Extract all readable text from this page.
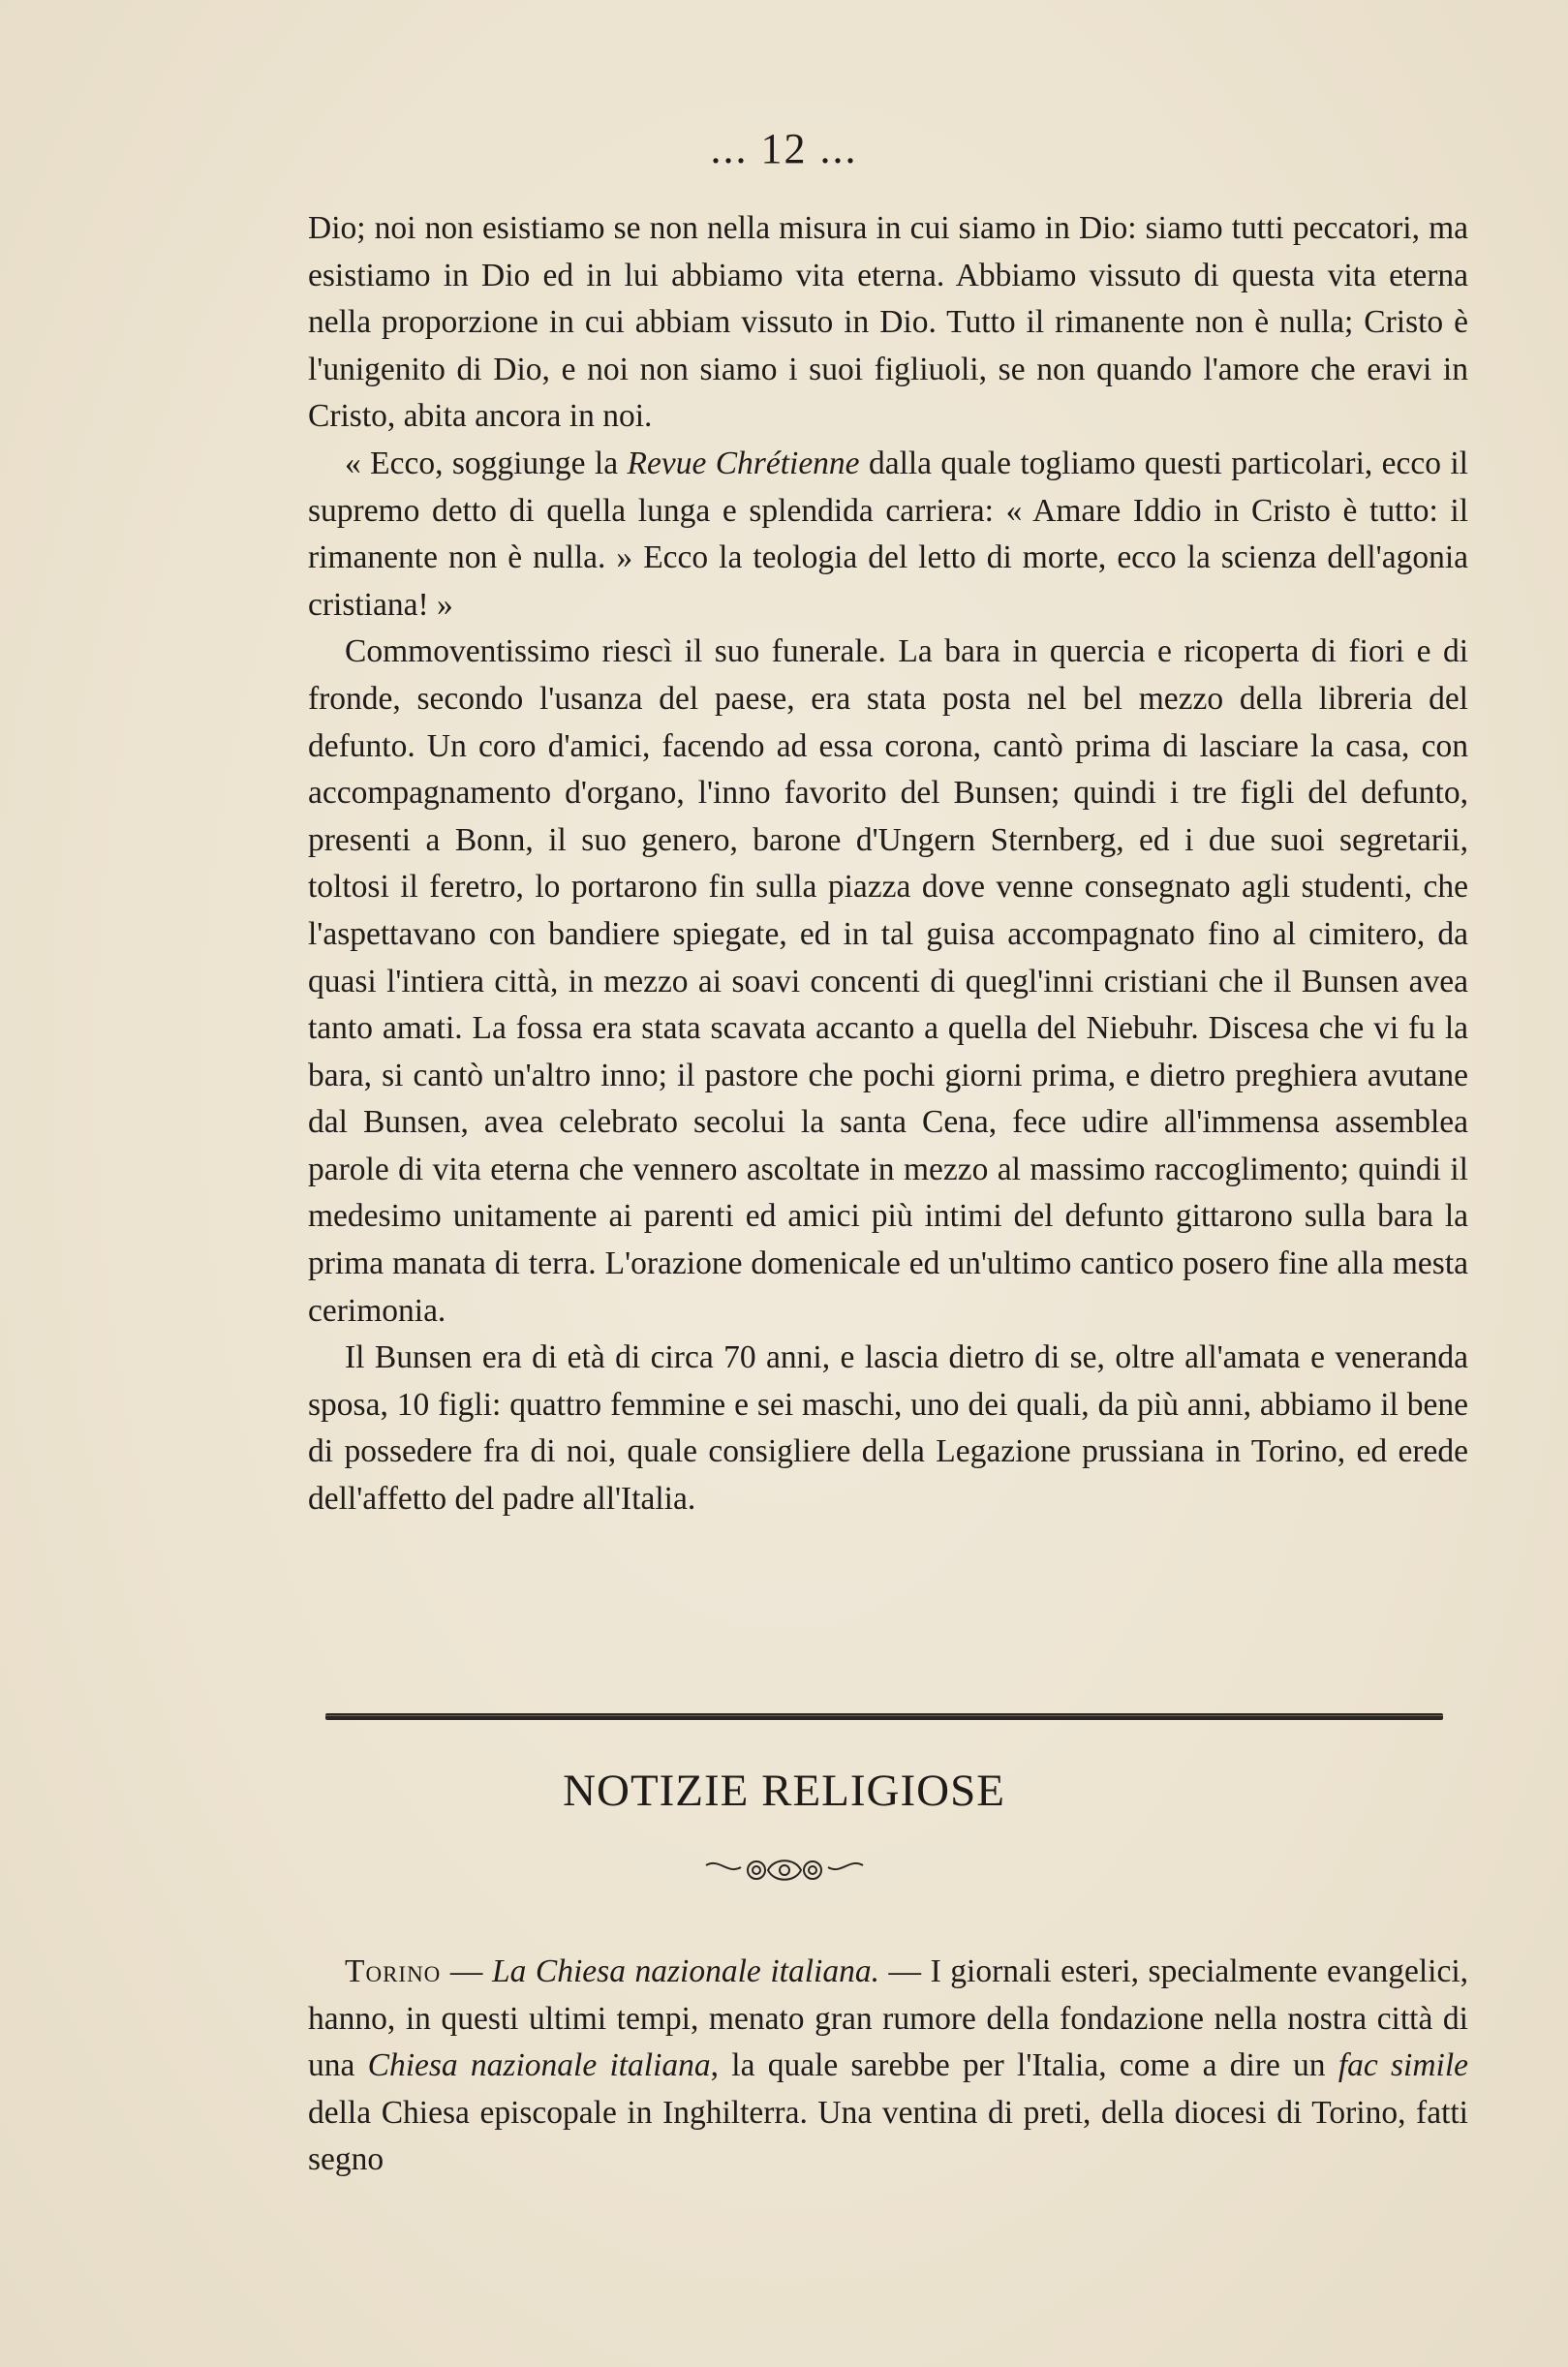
... 12 ...

Dio; noi non esistiamo se non nella misura in cui siamo in Dio: siamo tutti peccatori, ma esistiamo in Dio ed in lui abbiamo vita eterna. Abbiamo vissuto di questa vita eterna nella proporzione in cui abbiam vissuto in Dio. Tutto il rimanente non è nulla; Cristo è l'unigenito di Dio, e noi non siamo i suoi figliuoli, se non quando l'amore che eravi in Cristo, abita ancora in noi.

« Ecco, soggiunge la Revue Chrétienne dalla quale togliamo questi particolari, ecco il supremo detto di quella lunga e splendida carriera: « Amare Iddio in Cristo è tutto: il rimanente non è nulla. » Ecco la teologia del letto di morte, ecco la scienza dell'agonia cristiana! »

Commoventissimo riescì il suo funerale. La bara in quercia e ricoperta di fiori e di fronde, secondo l'usanza del paese, era stata posta nel bel mezzo della libreria del defunto. Un coro d'amici, facendo ad essa corona, cantò prima di lasciare la casa, con accompagnamento d'organo, l'inno favorito del Bunsen; quindi i tre figli del defunto, presenti a Bonn, il suo genero, barone d'Ungern Sternberg, ed i due suoi segretarii, toltosi il feretro, lo portarono fin sulla piazza dove venne consegnato agli studenti, che l'aspettavano con bandiere spiegate, ed in tal guisa accompagnato fino al cimitero, da quasi l'intiera città, in mezzo ai soavi concenti di quegl'inni cristiani che il Bunsen avea tanto amati. La fossa era stata scavata accanto a quella del Niebuhr. Discesa che vi fu la bara, si cantò un'altro inno; il pastore che pochi giorni prima, e dietro preghiera avutane dal Bunsen, avea celebrato secolui la santa Cena, fece udire all'immensa assemblea parole di vita eterna che vennero ascoltate in mezzo al massimo raccoglimento; quindi il medesimo unitamente ai parenti ed amici più intimi del defunto gittarono sulla bara la prima manata di terra. L'orazione domenicale ed un'ultimo cantico posero fine alla mesta cerimonia.

Il Bunsen era di età di circa 70 anni, e lascia dietro di se, oltre all'amata e veneranda sposa, 10 figli: quattro femmine e sei maschi, uno dei quali, da più anni, abbiamo il bene di possedere fra di noi, quale consigliere della Legazione prussiana in Torino, ed erede dell'affetto del padre all'Italia.

NOTIZIE RELIGIOSE

Torino — La Chiesa nazionale italiana. — I giornali esteri, specialmente evangelici, hanno, in questi ultimi tempi, menato gran rumore della fondazione nella nostra città di una Chiesa nazionale italiana, la quale sarebbe per l'Italia, come a dire un fac simile della Chiesa episcopale in Inghilterra. Una ventina di preti, della diocesi di Torino, fatti segno
